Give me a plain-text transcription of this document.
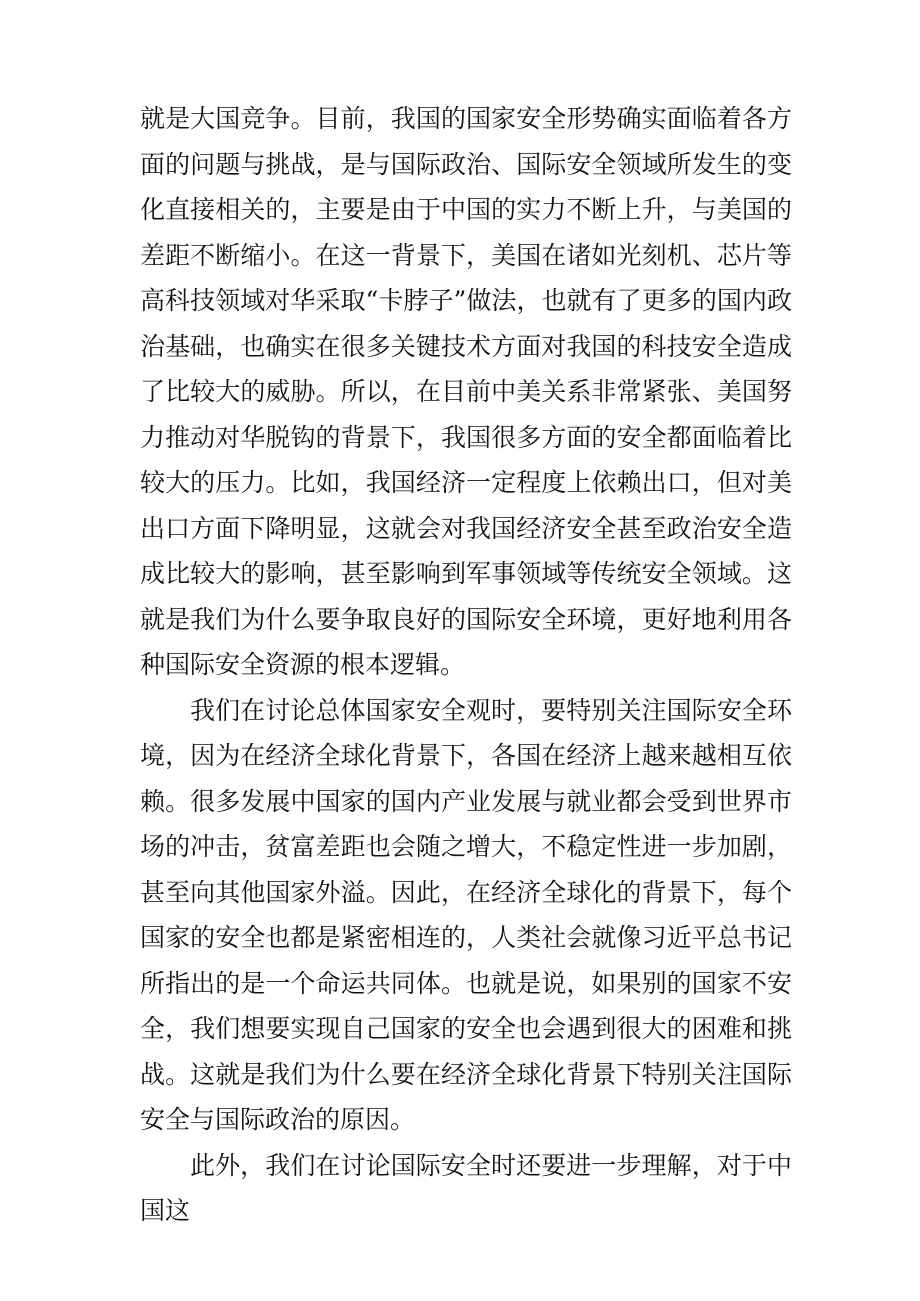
就是大国竞争。目前，我国的国家安全形势确实面临着各方面的问题与挑战，是与国际政治、国际安全领域所发生的变化直接相关的，主要是由于中国的实力不断上升，与美国的差距不断缩小。在这一背景下，美国在诸如光刻机、芯片等高科技领域对华采取“卡脖子”做法，也就有了更多的国内政治基础，也确实在很多关键技术方面对我国的科技安全造成了比较大的威胁。所以，在目前中美关系非常紧张、美国努力推动对华脱钩的背景下，我国很多方面的安全都面临着比较大的压力。比如，我国经济一定程度上依赖出口，但对美出口方面下降明显，这就会对我国经济安全甚至政治安全造成比较大的影响，甚至影响到军事领域等传统安全领域。这就是我们为什么要争取良好的国际安全环境，更好地利用各种国际安全资源的根本逻辑。

我们在讨论总体国家安全观时，要特别关注国际安全环境，因为在经济全球化背景下，各国在经济上越来越相互依赖。很多发展中国家的国内产业发展与就业都会受到世界市场的冲击，贫富差距也会随之增大，不稳定性进一步加剧，甚至向其他国家外溢。因此，在经济全球化的背景下，每个国家的安全也都是紧密相连的，人类社会就像习近平总书记所指出的是一个命运共同体。也就是说，如果别的国家不安全，我们想要实现自己国家的安全也会遇到很大的困难和挑战。这就是我们为什么要在经济全球化背景下特别关注国际安全与国际政治的原因。

此外，我们在讨论国际安全时还要进一步理解，对于中国这
